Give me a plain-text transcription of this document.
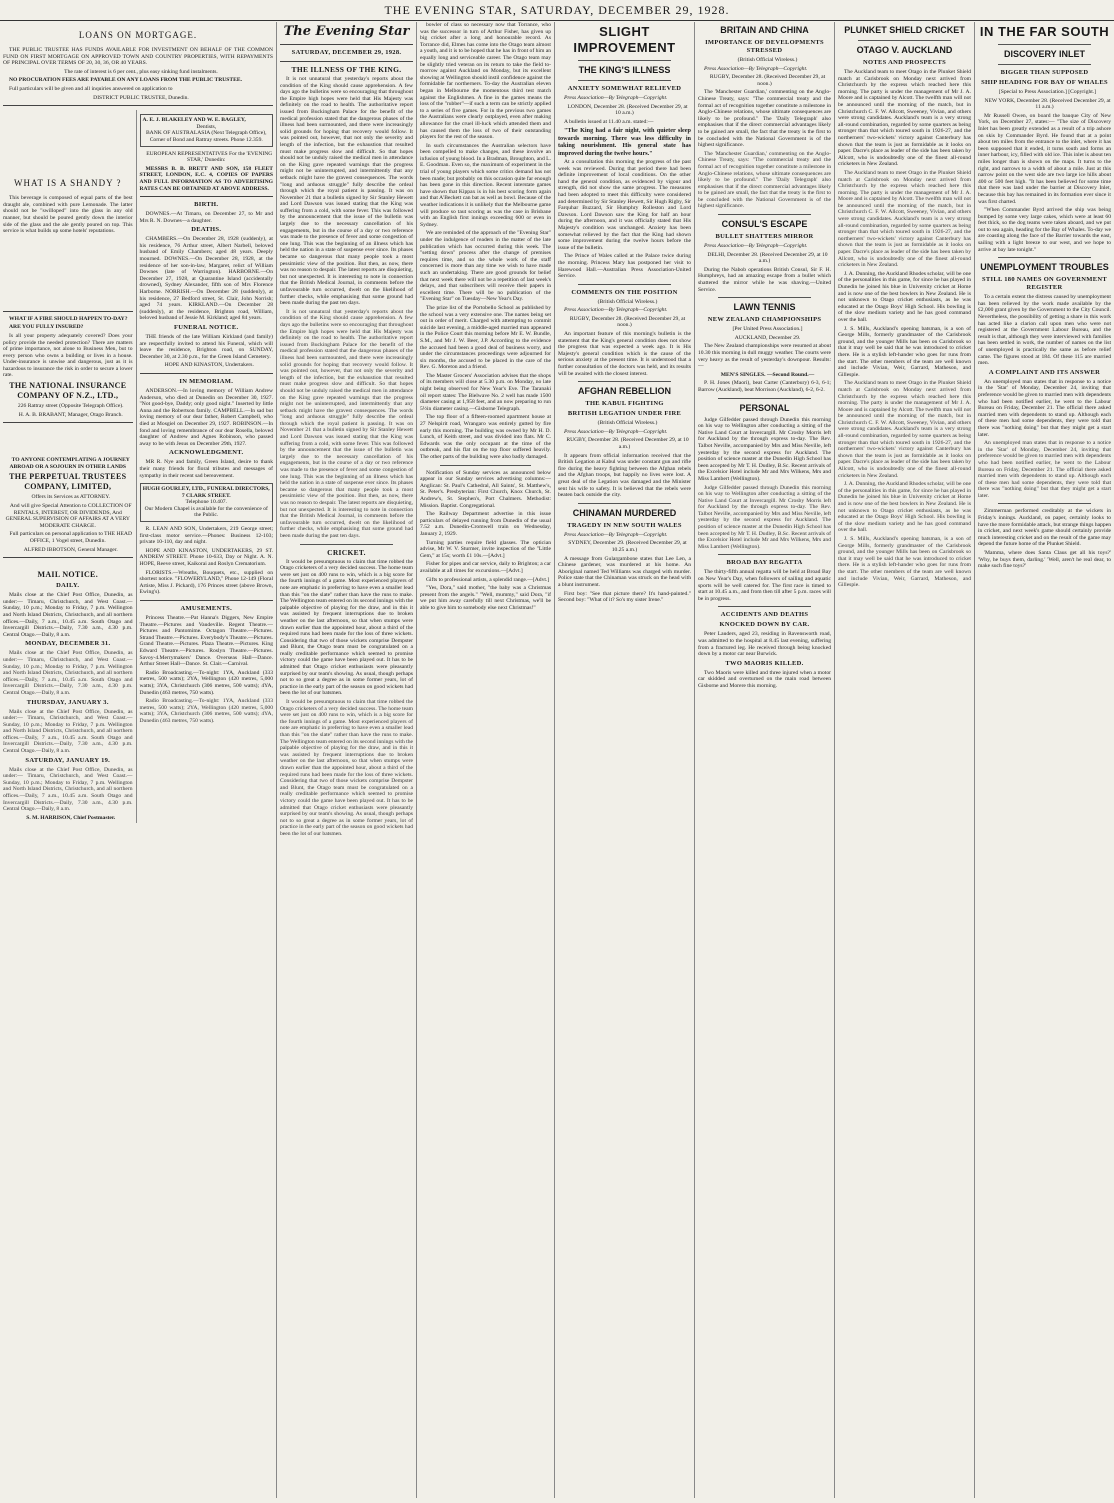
THE EVENING STAR, SATURDAY, DECEMBER 29, 1928.
LOANS ON MORTGAGE.
THE PUBLIC TRUSTEE HAS FUNDS AVAILABLE FOR INVESTMENT ON BEHALF OF THE COMMON FUND ON FIRST MORTGAGE ON APPROVED TOWN AND COUNTRY PROPERTIES, WITH REPAYMENTS OF PRINCIPAL OVER TERMS OF 20, 30, 36, OR 40 YEARS.
The rate of interest is 6 per cent., plus easy sinking fund instalments.
NO PROCURATION FEES ARE PAYABLE ON ANY LOANS FROM THE PUBLIC TRUSTEE.
Full particulars will be given and all inquiries answered on application to
DISTRICT PUBLIC TRUSTEE, Dunedin.
WHAT IS A SHANDY ?
This beverage is composed of equal parts of the best draught ale, combined with pure Lemonade. The latter should not be "swilloped" into the glass in any old manner, but should be poured gently down the interior side of the glass and the ale gently poured on top. This service is what builds up some hotels' reputations.
WHAT IF A FIRE SHOULD HAPPEN TO-DAY?
ARE YOU FULLY INSURED?
Is all your property adequately covered? Does your policy provide the needed protection? There are matters of prime importance, not alone to Business Men, but to every person who owns a building or lives in a house. Under-insurance is unwise and dangerous, just as it is hazardous to insurance the risk in order to secure a lower rate.
THE NATIONAL INSURANCE COMPANY OF N.Z., LTD.,
226 Rattray street (Opposite Telegraph Office).
H. A. B. BRABANT, Manager, Otago Branch.
TO ANYONE CONTEMPLATING A JOURNEY ABROAD OR A SOJOURN IN OTHER LANDS
THE PERPETUAL TRUSTEES COMPANY, LIMITED,
Offers its Services as ATTORNEY.
And will give Special Attention to COLLECTION OF RENTALS, INTEREST, OR DIVIDENDS, And GENERAL SUPERVISION OF AFFAIRS AT A VERY MODERATE CHARGE.
Full particulars on personal application to THE HEAD OFFICE, 1 Vogel street, Dunedin.
ALFRED IBBOTSON, General Manager.
MAIL NOTICE.
DAILY.
Mails close at the Chief Post Office, Dunedin, as under:— Timaru, Christchurch, and West Coast.—Sunday, 10 p.m.; Monday to Friday, 7 p.m. Wellington and North Island Districts, Christchurch, and all northern offices.—Daily, 7 a.m., 10.45 a.m. South Otago and Invercargill Districts.—Daily, 7.30 a.m., 4.30 p.m. Central Otago.—Daily, 8 a.m.
MONDAY, DECEMBER 31.
Mails close at the Chief Post Office, Dunedin, as under:— Timaru, Christchurch, and West Coast.—Sunday, 10 p.m.; Monday to Friday, 7 p.m. Wellington and North Island Districts, Christchurch, and all northern offices.—Daily, 7 a.m., 10.45 a.m. South Otago and Invercargill Districts.—Daily, 7.30 a.m., 4.30 p.m. Central Otago.—Daily, 8 a.m.
THURSDAY, JANUARY 3.
Mails close at the Chief Post Office, Dunedin, as under:— Timaru, Christchurch, and West Coast.—Sunday, 10 p.m.; Monday to Friday, 7 p.m. Wellington and North Island Districts, Christchurch, and all northern offices.—Daily, 7 a.m., 10.45 a.m. South Otago and Invercargill Districts.—Daily, 7.30 a.m., 4.30 p.m. Central Otago.—Daily, 8 a.m.
SATURDAY, JANUARY 19.
Mails close at the Chief Post Office, Dunedin, as under:— Timaru, Christchurch, and West Coast.—Sunday, 10 p.m.; Monday to Friday, 7 p.m. Wellington and North Island Districts, Christchurch, and all northern offices.—Daily, 7 a.m., 10.45 a.m. South Otago and Invercargill Districts.—Daily, 7.30 a.m., 4.30 p.m. Central Otago.—Daily, 8 a.m.
S. M. HARRISON, Chief Postmaster.
A. E. J. BLAKELEY AND W. E. BAGLEY,
Dentists,
BANK OF AUSTRALASIA (Next Telegraph Office), Corner of Bond and Rattray streets. Phone 12.359.
EUROPEAN REPRESENTATIVES For the 'EVENING STAR,' Dunedin:
MESSRS B. B. BRETT AND SON, 158 FLEET STREET, LONDON, E.C. 4, COPIES OF PAPERS AND FULL INFORMATION AS TO ADVERTISING RATES CAN BE OBTAINED AT ABOVE ADDRESS.
BIRTH.
DOWNES.—At Timaru, on December 27, to Mr and Mrs R. N. Downes—a daughter.
DEATHS.
CHAMBERS.—On December 28, 1928 (suddenly), at his residence, 76 Arthur street, Albert Narbell, beloved husband of Emily Chambers; aged 48 years. Deeply mourned. DOWNES.—On December 28, 1928, at the residence of her son-in-law, Margaret, relict of William Downes (late of Warrington). HARBORNE.—On December 27, 1928, at Quarantine Island (accidentally drowned), Sydney Alexander, fifth son of Mrs Florence Harborne. NORRISH.—On December 28 (suddenly), at his residence, 27 Bedford street, St. Clair, John Norrish; aged 74 years. KIRKLAND.—On December 28 (suddenly), at the residence, Brighton road, William, beloved husband of Jessie M. Kirkland; aged 84 years.
FUNERAL NOTICE.
THE friends of the late William Kirkland (and family) are respectfully invited to attend his Funeral, which will leave the residence, Brighton road, on SUNDAY, December 30, at 2.30 p.m., for the Green Island Cemetery.
HOPE AND KINASTON, Undertakers.
IN MEMORIAM.
ANDERSON.—In loving memory of William Andrew Anderson, who died at Dunedin on December 30, 1927. "Not good-bye, Daddy; only good night." Inserted by little Anna and the Robertson family. CAMPBELL.—In sad but loving memory of our dear father, Robert Campbell, who died at Mosgiel on December 29, 1927. ROBINSON.—In fond and loving remembrance of our dear Rosella, beloved daughter of Andrew and Agnes Robinson, who passed away to be with Jesus on December 29th, 1927.
ACKNOWLEDGMENT.
MR R. Nye and family, Green Island, desire to thank their many friends for floral tributes and messages of sympathy in their recent sad bereavement.
HUGH GOURLEY, LTD., FUNERAL DIRECTORS, 7 CLARK STREET.
Telephone 10.407.
Our Modern Chapel is available for the convenience of the Public.
R. LEAN AND SON, Undertakers, 219 George street; first-class motor service.—Phones: Business 12-103; private 10-110, day and night.
HOPE AND KINASTON, UNDERTAKERS, 29 ST. ANDREW STREET. Phone 10-633, Day or Night. A. N. HOPE, Reeve street, Kaikorai and Roslyn Crematorium.
FLORISTS.—Wreaths, Bouquets, etc., supplied on shortest notice. "FLOWERYLAND," Phone 12-149 (Floral Artiste, Miss J. Pickard), 176 Princes street (above Brown, Ewing's).
AMUSEMENTS.
Princess Theatre.—Pat Hanna's Diggers, New Empire Theatre.—Pictures and Vaudeville. Regent Theatre.—Pictures and Pantomime. Octagon Theatre.—Pictures. Strand Theatre.—Pictures. Everybody's Theatre.—Pictures. Grand Theatre.—Pictures. Plaza Theatre.—Pictures. King Edward Theatre.—Pictures. Roslyn Theatre.—Pictures. Savoy-4.Merrymakers' Dance. Overseas Hall—Dance. Arthur Street Hall—Dance. St. Clair.—Carnival.
Radio Broadcasting.—To-night: 1YA, Auckland (333 metres, 500 watts); 2YA, Wellington (420 metres, 5,000 watts); 3YA, Christchurch (306 metres, 500 watts); 4YA, Dunedin (463 metres, 750 watts).
Radio Broadcasting.—To-night: 1YA, Auckland (333 metres, 500 watts); 2YA, Wellington (420 metres, 5,000 watts); 3YA, Christchurch (306 metres, 500 watts); 4YA, Dunedin (463 metres, 750 watts).
The Evening Star
SATURDAY, DECEMBER 29, 1928.
THE ILLNESS OF THE KING.
It is not unnatural that yesterday's reports about the condition of the King should cause apprehension. A few days ago the bulletins were so encouraging that throughout the Empire high hopes were held that His Majesty was definitely on the road to health. The authoritative report issued from Buckingham Palace for the benefit of the medical profession stated that the dangerous phases of the illness had been surmounted, and there were increasingly solid grounds for hoping that recovery would follow. It was pointed out, however, that not only the severity and length of the infection, but the exhaustion that resulted must make progress slow and difficult. So that hopes should not be unduly raised the medical men in attendance on the King gave repeated warnings that the progress might not be uninterrupted, and intermittently that any setback might have the gravest consequences. The words "long and arduous struggle" fully describe the ordeal through which the royal patient is passing. It was on November 21 that a bulletin signed by Sir Stanley Hewett and Lord Dawson was issued stating that the King was suffering from a cold, with some fever. This was followed by the announcement that the issue of the bulletin was largely due to the necessary cancellation of his engagements, but in the course of a day or two reference was made to the presence of fever and some congestion of one lung. This was the beginning of an illness which has held the nation in a state of suspense ever since. Its phases became so dangerous that many people took a most pessimistic view of the position. But then, as now, there was no reason to despair. The latest reports are disquieting, but not unexpected. It is interesting to note in connection that the British Medical Journal, in comments before the unfavourable turn occurred, dwelt on the likelihood of further checks, while emphasising that some ground had been made during the past ten days.
It is not unnatural that yesterday's reports about the condition of the King should cause apprehension. A few days ago the bulletins were so encouraging that throughout the Empire high hopes were held that His Majesty was definitely on the road to health. The authoritative report issued from Buckingham Palace for the benefit of the medical profession stated that the dangerous phases of the illness had been surmounted, and there were increasingly solid grounds for hoping that recovery would follow. It was pointed out, however, that not only the severity and length of the infection, but the exhaustion that resulted must make progress slow and difficult. So that hopes should not be unduly raised the medical men in attendance on the King gave repeated warnings that the progress might not be uninterrupted, and intermittently that any setback might have the gravest consequences. The words "long and arduous struggle" fully describe the ordeal through which the royal patient is passing. It was on November 21 that a bulletin signed by Sir Stanley Hewett and Lord Dawson was issued stating that the King was suffering from a cold, with some fever. This was followed by the announcement that the issue of the bulletin was largely due to the necessary cancellation of his engagements, but in the course of a day or two reference was made to the presence of fever and some congestion of one lung. This was the beginning of an illness which has held the nation in a state of suspense ever since. Its phases became so dangerous that many people took a most pessimistic view of the position. But then, as now, there was no reason to despair. The latest reports are disquieting, but not unexpected. It is interesting to note in connection that the British Medical Journal, in comments before the unfavourable turn occurred, dwelt on the likelihood of further checks, while emphasising that some ground had been made during the past ten days.
CRICKET.
It would be presumptuous to claim that time robbed the Otago cricketers of a very decided success. The home team were set just on 400 runs to win, which is a big score for the fourth innings of a game. Most experienced players of note are emphatic in preferring to have even a smaller lead than this "on the slate" rather than have the runs to make. The Wellington team entered on its second innings with the palpable objective of playing for the draw, and in this it was assisted by frequent interruptions due to broken weather on the last afternoon, so that when stumps were drawn earlier than the appointed hour, about a third of the required runs had been made for the loss of three wickets. Considering that two of those wickets comprise Dempster and Blunt, the Otago team must be congratulated on a really creditable performance which seemed to promise victory could the game have been played out. It has to be admitted that Otago cricket enthusiasts were pleasantly surprised by our team's showing. As usual, though perhaps not to so great a degree as in some former years, lot of practice in the early part of the season on good wickets had been the lot of our batsmen.
It would be presumptuous to claim that time robbed the Otago cricketers of a very decided success. The home team were set just on 400 runs to win, which is a big score for the fourth innings of a game. Most experienced players of note are emphatic in preferring to have even a smaller lead than this "on the slate" rather than have the runs to make. The Wellington team entered on its second innings with the palpable objective of playing for the draw, and in this it was assisted by frequent interruptions due to broken weather on the last afternoon, so that when stumps were drawn earlier than the appointed hour, about a third of the required runs had been made for the loss of three wickets. Considering that two of those wickets comprise Dempster and Blunt, the Otago team must be congratulated on a really creditable performance which seemed to promise victory could the game have been played out. It has to be admitted that Otago cricket enthusiasts were pleasantly surprised by our team's showing. As usual, though perhaps not to so great a degree as in some former years, lot of practice in the early part of the season on good wickets had been the lot of our batsmen.
bowler of class so necessary now that Torrance, who was the successor in turn of Arthur Fisher, has given up big cricket after a long and honourable record. As Torrance did, Elmes has come into the Otago team almost a youth, and it is to be hoped that he has in front of him an equally long and serviceable career. The Otago team may be slightly tried veteran on its return to take the field to-morrow against Auckland on Monday, but its excellent showing at Wellington should instil confidence against the formidable far northerners. To-day the Australian eleven began in Melbourne the momentous third test match against the Englishmen. A fine in the games means the loss of the "rubber"—if such a term can be strictly applied to a series of five games. For in the previous two games the Australians were clearly outplayed, even after making allowance for the cruel ill-luck which attended them and has caused them the loss of two of their outstanding players for the rest of the season.
In such circumstances the Australian selectors have been compelled to make changes, and these involve an infusion of young blood. In a Bradman, Broughton, and L. E. Goodman. Even so, the maximum of experiment in the trial of young players which some critics demand has not been made; but probably on this occasion quite far enough has been gone in this direction. Recent interstate games have shown that Kippax is in his best scoring form again and that A'Beckett can bat as well as bowl. Because of the weather indications it is unlikely that the Melbourne game will produce so taut scoring as was the case in Brisbane with an English first innings exceeding 600 or even in Sydney.
We are reminded of the approach of the "Evening Star" under the indulgence of readers in the matter of the late publication which has occurred during this week. The "setting down" process after the change of premises requires time, and so the whole work of the staff concerned is more than any time we wish to have made such an undertaking. There are good grounds for belief that next week there will not be a repetition of last week's delays, and that subscribers will receive their papers in excellent time. There will be no publication of the "Evening Star" on Tuesday—New Year's Day.
The prize list of the Portobello School as published by the school was a very extensive one. The names being set out in order of merit. Charged with attempting to commit suicide last evening, a middle-aged married man appeared in the Police Court this morning before Mr E. W. Bundle, S.M., and Mr J. W. Beer, J.P. According to the evidence the accused had been a good deal of business worry, and under the circumstances proceedings were adjourned for six months, the accused to be placed in the care of the Rev. G. Moreton and a friend.
The Master Grocers' Association advises that the shops of its members will close at 5.30 p.m. on Monday, no late night being observed for New Year's Eve. The Taranaki oil report states: The Bielwave No. 2 well has made 1500 diameter casing at 1,958 feet, and an now preparing to run 5½in diameter casing.—Gisborne Telegraph.
The top floor of a fifteen-roomed apartment house at 27 Nelspirit road, Wrangaro was entirely gutted by fire early this morning. The building was owned by Mr H. D. Lunch, of Keith street, and was divided into flats. Mr C. Edwards was the only occupant at the time of the outbreak, and his flat on the top floor suffered heavily. The other parts of the building were also badly damaged.
Notification of Sunday services as announced below appear in our Sunday services advertising columns:—Anglican: St. Paul's Cathedral, All Saints', St. Matthew's, St. Peter's. Presbyterian: First Church, Knox Church, St. Andrew's, St. Stephen's, Port Chalmers. Methodist: Mission. Baptist. Congregational.
The Railway Department advertise in this issue particulars of delayed running from Dunedin of the usual 7.52 a.m. Dunedin-Cromwell train on Wednesday, January 2, 1929.
Turning parties require field glasses. The optician advise, Mr W. V. Sturmer, invite inspection of the "Little Gem," at 15s; worth £1 10s.—[Advt.]
Fisher for pipes and car service, daily to Brighton; a car available at all times for excursions.—[Advt.]
Gifts to professional artists, a splendid range.—[Advt.]
"Yes, Dora," said mother, "the baby was a Christmas present from the angels." "Well, mummy," said Dora, "if we put him away carefully till next Christmas, we'll be able to give him to somebody else next Christmas!"
SLIGHT IMPROVEMENT
THE KING'S ILLNESS
ANXIETY SOMEWHAT RELIEVED
Press Association—By Telegraph—Copyright.
LONDON, December 28. (Received December 29, at 10 a.m.)
A bulletin issued at 11.40 a.m. stated:—
"The King had a fair night, with quieter sleep towards morning. There was less difficulty in taking nourishment. His general state has improved during the twelve hours."
At a consultation this morning the progress of the past week was reviewed. During that period there had been definite improvement of local conditions. On the other hand the general condition, as evidenced by vigour and strength, did not show the same progress. The measures had been adopted to meet this difficulty were considered and determined by Sir Stanley Hewett, Sir Hugh Rigby, Sir Farquhar Buzzard, Sir Humphry Rolleston and Lord Dawson. Lord Dawson saw the King for half an hour during the afternoon, and it was officially stated that His Majesty's condition was unchanged. Anxiety has been somewhat relieved by the fact that the King had shown some improvement during the twelve hours before the issue of the bulletin.
The Prince of Wales called at the Palace twice during the morning. Princess Mary has postponed her visit to Harewood Hall.—Australian Press Association-United Service.
COMMENTS ON THE POSITION
(British Official Wireless.)
Press Association—By Telegraph—Copyright.
RUGBY, December 28. (Received December 29, at noon.)
An important feature of this morning's bulletin is the statement that the King's general condition does not show the progress that was expected a week ago. It is His Majesty's general condition which is the cause of the serious anxiety at the present time. It is understood that a further consultation of the doctors was held, and its results will be awaited with the closest interest.
AFGHAN REBELLION
THE KABUL FIGHTING
BRITISH LEGATION UNDER FIRE
(British Official Wireless.)
Press Association—By Telegraph—Copyright.
RUGBY, December 28. (Received December 29, at 10 a.m.)
It appears from official information received that the British Legation at Kabul was under constant gun and rifle fire during the heavy fighting between the Afghan rebels and the Afghan troops, but happily no lives were lost. A great deal of the Legation was damaged and the Minister sent his wife to safety. It is believed that the rebels were beaten back outside the city.
CHINAMAN MURDERED
TRAGEDY IN NEW SOUTH WALES
Press Association—By Telegraph—Copyright.
SYDNEY, December 29. (Received December 29, at 10.25 a.m.)
A message from Gulargambone states that Lee Len, a Chinese gardener, was murdered at his home. An Aboriginal named Ted Williams was charged with murder. Police state that the Chinaman was struck on the head with a blunt instrument.
First boy: "See that picture there? It's hand-painted." Second boy: "What of it? So's my sister Irene."
BRITAIN AND CHINA
IMPORTANCE OF DEVELOPMENTS STRESSED
(British Official Wireless.)
Press Association—By Telegraph—Copyright.
RUGBY, December 28. (Received December 29, at noon.)
The 'Manchester Guardian,' commenting on the Anglo-Chinese Treaty, says: "The commercial treaty and the formal act of recognition together constitute a milestone in Anglo-Chinese relations, whose ultimate consequences are likely to be profound." The 'Daily Telegraph' also emphasises that if the direct commercial advantages likely to be gained are small, the fact that the treaty is the first to be concluded with the National Government is of the highest significance.
The 'Manchester Guardian,' commenting on the Anglo-Chinese Treaty, says: "The commercial treaty and the formal act of recognition together constitute a milestone in Anglo-Chinese relations, whose ultimate consequences are likely to be profound." The 'Daily Telegraph' also emphasises that if the direct commercial advantages likely to be gained are small, the fact that the treaty is the first to be concluded with the National Government is of the highest significance.
CONSUL'S ESCAPE
BULLET SHATTERS MIRROR
Press Association—By Telegraph—Copyright.
DELHI, December 28. (Received December 29, at 10 a.m.)
During the Nabob operations British Consul, Sir F. H. Humphreys, had an amazing escape from a bullet which shattered the mirror while he was shaving.—United Service.
LAWN TENNIS
NEW ZEALAND CHAMPIONSHIPS
[Per United Press Association.]
AUCKLAND, December 29.
The New Zealand championships were resumed at about 10.30 this morning in dull muggy weather. The courts were very heavy as the result of yesterday's downpour. Results:—
MEN'S SINGLES. —Second Round.—
P. H. Jones (Maori), beat Carter (Canterbury) 6-3, 6-1; Barrow (Auckland), beat Morrison (Auckland), 6-2, 6-2.
PERSONAL
Judge Gilfedder passed through Dunedin this morning on his way to Wellington after conducting a sitting of the Native Land Court at Invercargill. Mr Crosby Morris left for Auckland by the through express to-day. The Rev. Talbot Neville, accompanied by Mrs and Miss Neville, left yesterday by the second express for Auckland. The position of science master at the Dunedin High School has been accepted by Mr T. H. Dudley, B.Sc. Recent arrivals of the Excelsior Hotel include Mr and Mrs Wilkens, Mrs and Miss Lambert (Wellington).
Judge Gilfedder passed through Dunedin this morning on his way to Wellington after conducting a sitting of the Native Land Court at Invercargill. Mr Crosby Morris left for Auckland by the through express to-day. The Rev. Talbot Neville, accompanied by Mrs and Miss Neville, left yesterday by the second express for Auckland. The position of science master at the Dunedin High School has been accepted by Mr T. H. Dudley, B.Sc. Recent arrivals of the Excelsior Hotel include Mr and Mrs Wilkens, Mrs and Miss Lambert (Wellington).
BROAD BAY REGATTA
The thirty-fifth annual regatta will be held at Broad Bay on New Year's Day, when followers of sailing and aquatic sports will be well catered for. The first race is timed to start at 10.45 a.m., and from then till after 5 p.m. races will be in progress.
ACCIDENTS AND DEATHS
KNOCKED DOWN BY CAR.
Peter Lauders, aged 23, residing in Ravensworth road, was admitted to the hospital at 8.45 last evening, suffering from a fractured leg. He received through being knocked down by a motor car near Burwick.
TWO MAORIS KILLED.
Two Maoris were killed and three injured when a motor car skidded and overturned on the main road between Gisborne and Morere this morning.
PLUNKET SHIELD CRICKET
OTAGO V. AUCKLAND
NOTES AND PROSPECTS
The Auckland team to meet Otago in the Plunket Shield match at Carisbrook on Monday next arrived from Christchurch by the express which reached here this morning. The party is under the management of Mr J. A. Moore and is captained by Alcott. The twelfth man will not be announced until the morning of the match, but in Christchurch C. F. W. Allcott, Sweeney, Vivian, and others were strong candidates. Auckland's team is a very strong all-round combination, regarded by some quarters as being stronger than that which toured south in 1926-27, and the northerners' two-wickets' victory against Canterbury has shown that the team is just as formidable as it looks on paper. Dacre's place as leader of the side has been taken by Allcott, who is undoubtedly one of the finest all-round cricketers in New Zealand.
The Auckland team to meet Otago in the Plunket Shield match at Carisbrook on Monday next arrived from Christchurch by the express which reached here this morning. The party is under the management of Mr J. A. Moore and is captained by Alcott. The twelfth man will not be announced until the morning of the match, but in Christchurch C. F. W. Allcott, Sweeney, Vivian, and others were strong candidates. Auckland's team is a very strong all-round combination, regarded by some quarters as being stronger than that which toured south in 1926-27, and the northerners' two-wickets' victory against Canterbury has shown that the team is just as formidable as it looks on paper. Dacre's place as leader of the side has been taken by Allcott, who is undoubtedly one of the finest all-round cricketers in New Zealand.
J. A. Dunning, the Auckland Rhodes scholar, will be one of the personalities in this game, for since he has played in Dunedin he joined his blue in University cricket at Home and is now one of the best bowlers in New Zealand. He is not unknown to Otago cricket enthusiasts, as he was educated at the Otago Boys' High School. His bowling is of the slow medium variety and he has good command over the ball.
J. S. Mills, Auckland's opening batsman, is a son of George Mills, formerly grandmaster of the Carisbrook ground, and the younger Mills has been on Carisbrook so that it may well be said that he was introduced to cricket there. He is a stylish left-hander who goes for runs from the start. The other members of the team are well known and include Vivian, Weir, Garrard, Matheson, and Gillespie.
The Auckland team to meet Otago in the Plunket Shield match at Carisbrook on Monday next arrived from Christchurch by the express which reached here this morning. The party is under the management of Mr J. A. Moore and is captained by Alcott. The twelfth man will not be announced until the morning of the match, but in Christchurch C. F. W. Allcott, Sweeney, Vivian, and others were strong candidates. Auckland's team is a very strong all-round combination, regarded by some quarters as being stronger than that which toured south in 1926-27, and the northerners' two-wickets' victory against Canterbury has shown that the team is just as formidable as it looks on paper. Dacre's place as leader of the side has been taken by Allcott, who is undoubtedly one of the finest all-round cricketers in New Zealand.
J. A. Dunning, the Auckland Rhodes scholar, will be one of the personalities in this game, for since he has played in Dunedin he joined his blue in University cricket at Home and is now one of the best bowlers in New Zealand. He is not unknown to Otago cricket enthusiasts, as he was educated at the Otago Boys' High School. His bowling is of the slow medium variety and he has good command over the ball.
J. S. Mills, Auckland's opening batsman, is a son of George Mills, formerly grandmaster of the Carisbrook ground, and the younger Mills has been on Carisbrook so that it may well be said that he was introduced to cricket there. He is a stylish left-hander who goes for runs from the start. The other members of the team are well known and include Vivian, Weir, Garrard, Matheson, and Gillespie.
IN THE FAR SOUTH
DISCOVERY INLET
BIGGER THAN SUPPOSED
SHIP HEADING FOR BAY OF WHALES
[Special to Press Association.] [Copyright.]
NEW YORK, December 28. (Received December 29, at 11 a.m.)
Mr Russell Owen, on board the bauque City of New York, on December 27, states:— "The size of Discovery Inlet has been greatly extended as a result of a trip ashore on skis by Commander Byrd. He found that at a point about ten miles from the entrance to the inlet, where it has been supposed that it ended, it turns south and forms an inner harbour, icy, filled with old ice. This inlet is about ten miles longer than is shown on the maps. It turns to the right, and narrows to a width of about a mile. Just at this narrow point on the west side are two large ice hills about 400 or 500 feet high. "It has been believed for some time that there was land under the barrier at Discovery Inlet, because this bay has remained in its formation ever since it was first charted.
"When Commander Byrd arrived the ship was being bumped by some very large cakes, which were at least 60 feet thick, so the dog teams were taken aboard, and we put out to sea again, heading for the Bay of Whales. To-day we are coasting along the face of the Barrier towards the east, sailing with a light breeze to our west, and we hope to arrive at bay late tonight."
UNEMPLOYMENT TROUBLES
STILL 180 NAMES ON GOVERNMENT REGISTER
To a certain extent the distress caused by unemployment has been relieved by the work made available by the £2,000 grant given by the Government to the City Council. Nevertheless, the possibility of getting a share in this work has acted like a clarion call upon men who were not registered at the Government Labour Bureau, and the result is that, although they were interviewed with families has been settled in work, the number of names on the list of unemployed is practically the same as before relief came. The figures stood at 184. Of these 115 are married men.
A COMPLAINT AND ITS ANSWER
An unemployed man states that in response to a notice in the 'Star' of Monday, December 24, inviting that preference would be given to married men with dependents who had been notified earlier, he went to the Labour Bureau on Friday, December 21. The official there asked married men with dependents to stand up. Although each of these men had some dependents, they were told that there was "nothing doing" but that they might get a start later.
An unemployed man states that in response to a notice in the 'Star' of Monday, December 24, inviting that preference would be given to married men with dependents who had been notified earlier, he went to the Labour Bureau on Friday, December 21. The official there asked married men with dependents to stand up. Although each of these men had some dependents, they were told that there was "nothing doing" but that they might get a start later.
Zimmerman performed creditably at the wickets in Friday's innings. Auckland, on paper, certainly looks to have the more formidable attack, but strange things happen in cricket, and next week's game should certainly provide much interesting cricket and on the result of the game may depend the future home of the Plunket Shield.
'Mamma, where does Santa Claus get all his toys?' 'Why, he buys them, darling.' 'Well, aren't he real dear, to make such fine toys?'
